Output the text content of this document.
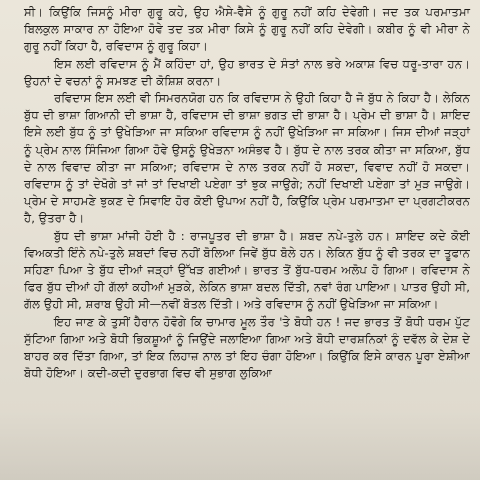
ਸੀ। ਕਿਉਂਕਿ ਜਿਸਨੂੰ ਮੀਰਾ ਗੁਰੂ ਕਹੇ, ਉਹ ਐਸੇ-ਵੈਸੇ ਨੂੰ ਗੁਰੂ ਨਹੀਂ ਕਹਿ ਦੇਵੇਗੀ। ਜਦ ਤਕ ਪਰਮਾਤਮਾ ਬਿਲਕੁਲ ਸਾਕਾਰ ਨਾ ਹੋਇਆ ਹੋਵੇ ਤਦ ਤਕ ਮੀਰਾ ਕਿਸੇ ਨੂੰ ਗੁਰੂ ਨਹੀਂ ਕਹਿ ਦੇਵੇਗੀ। ਕਬੀਰ ਨੂੰ ਵੀ ਮੀਰਾ ਨੇ ਗੁਰੂ ਨਹੀਂ ਕਿਹਾ ਹੈ, ਰਵਿਦਾਸ ਨੂੰ ਗੁਰੂ ਕਿਹਾ।

ਇਸ ਲਈ ਰਵਿਦਾਸ ਨੂੰ ਮੈਂ ਕਹਿੰਦਾ ਹਾਂ, ਉਹ ਭਾਰਤ ਦੇ ਸੰਤਾਂ ਨਾਲ ਭਰੇ ਅਕਾਸ਼ ਵਿਚ ਧਰੂ-ਤਾਰਾ ਹਨ। ਉਹਨਾਂ ਦੇ ਵਚਨਾਂ ਨੂੰ ਸਮਝਣ ਦੀ ਕੋਸ਼ਿਸ਼ ਕਰਨਾ।

ਰਵਿਦਾਸ ਇਸ ਲਈ ਵੀ ਸਿਮਰਨਯੋਗ ਹਨ ਕਿ ਰਵਿਦਾਸ ਨੇ ਉਹੀ ਕਿਹਾ ਹੈ ਜੋ ਬੁੱਧ ਨੇ ਕਿਹਾ ਹੈ। ਲੇਕਿਨ ਬੁੱਧ ਦੀ ਭਾਸ਼ਾ ਗਿਆਨੀ ਦੀ ਭਾਸ਼ਾ ਹੈ, ਰਵਿਦਾਸ ਦੀ ਭਾਸ਼ਾ ਭਗਤ ਦੀ ਭਾਸ਼ਾ ਹੈ। ਪ੍ਰੇਮ ਦੀ ਭਾਸ਼ਾ ਹੈ। ਸ਼ਾਇਦ ਇਸੇ ਲਈ ਬੁੱਧ ਨੂੰ ਤਾਂ ਉਖੇੜਿਆ ਜਾ ਸਕਿਆ ਰਵਿਦਾਸ ਨੂੰ ਨਹੀਂ ਉਖੇੜਿਆ ਜਾ ਸਕਿਆ। ਜਿਸ ਦੀਆਂ ਜੜ੍ਹਾਂ ਨੂੰ ਪ੍ਰੇਮ ਨਾਲ ਸਿੰਜਿਆ ਗਿਆ ਹੋਵੇ ਉਸਨੂੰ ਉਖੇੜਨਾ ਅਸੰਭਵ ਹੈ। ਬੁੱਧ ਦੇ ਨਾਲ ਤਰਕ ਕੀਤਾ ਜਾ ਸਕਿਆ, ਬੁੱਧ ਦੇ ਨਾਲ ਵਿਵਾਦ ਕੀਤਾ ਜਾ ਸਕਿਆ; ਰਵਿਦਾਸ ਦੇ ਨਾਲ ਤਰਕ ਨਹੀਂ ਹੋ ਸਕਦਾ, ਵਿਵਾਦ ਨਹੀਂ ਹੋ ਸਕਦਾ। ਰਵਿਦਾਸ ਨੂੰ ਤਾਂ ਦੇਖੋਗੇ ਤਾਂ ਜਾਂ ਤਾਂ ਦਿਖਾਈ ਪਏਗਾ ਤਾਂ ਝੁਕ ਜਾਉਗੇ; ਨਹੀਂ ਦਿਖਾਈ ਪਏਗਾ ਤਾਂ ਮੁੜ ਜਾਉਗੇ। ਪ੍ਰੇਮ ਦੇ ਸਾਹਮਣੇ ਝੁਕਣ ਦੇ ਸਿਵਾਇ ਹੋਰ ਕੋਈ ਉਪਾਅ ਨਹੀਂ ਹੈ, ਕਿਉਂਕਿ ਪ੍ਰੇਮ ਪਰਮਾਤਮਾ ਦਾ ਪ੍ਰਗਟੀਕਰਨ ਹੈ, ਉਤਰਾ ਹੈ।

ਬੁੱਧ ਦੀ ਭਾਸ਼ਾ ਮਾਂਜੀ ਹੋਈ ਹੈ : ਰਾਜਪੂਤਰ ਦੀ ਭਾਸ਼ਾ ਹੈ। ਸ਼ਬਦ ਨਪੇ-ਤੁਲੇ ਹਨ। ਸ਼ਾਇਦ ਕਦੇ ਕੋਈ ਵਿਅਕਤੀ ਇੰਨੇ ਨਪੇ-ਤੁਲੇ ਸ਼ਬਦਾਂ ਵਿਚ ਨਹੀਂ ਬੋਲਿਆ ਜਿਵੇਂ ਬੁੱਧ ਬੋਲੇ ਹਨ। ਲੇਕਿਨ ਬੁੱਧ ਨੂੰ ਵੀ ਤਰਕ ਦਾ ਤੂਫਾਨ ਸਹਿਣਾ ਪਿਆ ਤੇ ਬੁੱਧ ਦੀਆਂ ਜੜ੍ਹਾਂ ਉੱਖੜ ਗਈਆਂ। ਭਾਰਤ ਤੋਂ ਬੁੱਧ-ਧਰਮ ਅਲੋਪ ਹੋ ਗਿਆ। ਰਵਿਦਾਸ ਨੇ ਫਿਰ ਬੁੱਧ ਦੀਆਂ ਹੀ ਗੱਲਾਂ ਕਹੀਆਂ ਮੁੜਕੇ, ਲੇਕਿਨ ਭਾਸ਼ਾ ਬਦਲ ਦਿੱਤੀ, ਨਵਾਂ ਰੰਗ ਪਾਇਆ। ਪਾਤਰ ਉਹੀ ਸੀ, ਗੱਲ ਉਹੀ ਸੀ, ਸ਼ਰਾਬ ਉਹੀ ਸੀ—ਨਵੀਂ ਬੋਤਲ ਦਿੱਤੀ। ਅਤੇ ਰਵਿਦਾਸ ਨੂੰ ਨਹੀਂ ਉਖੇੜਿਆ ਜਾ ਸਕਿਆ।

ਇਹ ਜਾਣ ਕੇ ਤੁਸੀਂ ਹੈਰਾਨ ਹੋਵੋਗੇ ਕਿ ਚਾਮਾਰ ਮੂਲ ਤੌਰ 'ਤੇ ਬੋਧੀ ਹਨ ! ਜਦ ਭਾਰਤ ਤੋਂ ਬੋਧੀ ਧਰਮ ਪੁੱਟ ਸੁੱਟਿਆ ਗਿਆ ਅਤੇ ਬੋਧੀ ਭਿਕਸ਼ੂਆਂ ਨੂੰ ਜਿਉਂਦੇ ਜਲਾਇਆ ਗਿਆ ਅਤੇ ਬੋਧੀ ਦਾਰਸ਼ਨਿਕਾਂ ਨੂੰ ਦਵੱਲ ਕੇ ਦੇਸ਼ ਦੇ ਬਾਹਰ ਕਰ ਦਿੱਤਾ ਗਿਆ, ਤਾਂ ਇਕ ਲਿਹਾਜ਼ ਨਾਲ ਤਾਂ ਇਹ ਚੰਗਾ ਹੋਇਆ। ਕਿਉਂਕਿ ਇਸੇ ਕਾਰਨ ਪੂਰਾ ਏਸ਼ੀਆ ਬੋਧੀ ਹੋਇਆ। ਕਦੀ-ਕਦੀ ਦੁਰਭਾਗ ਵਿਚ ਵੀ ਸੁਭਾਗ ਲੁਕਿਆ
